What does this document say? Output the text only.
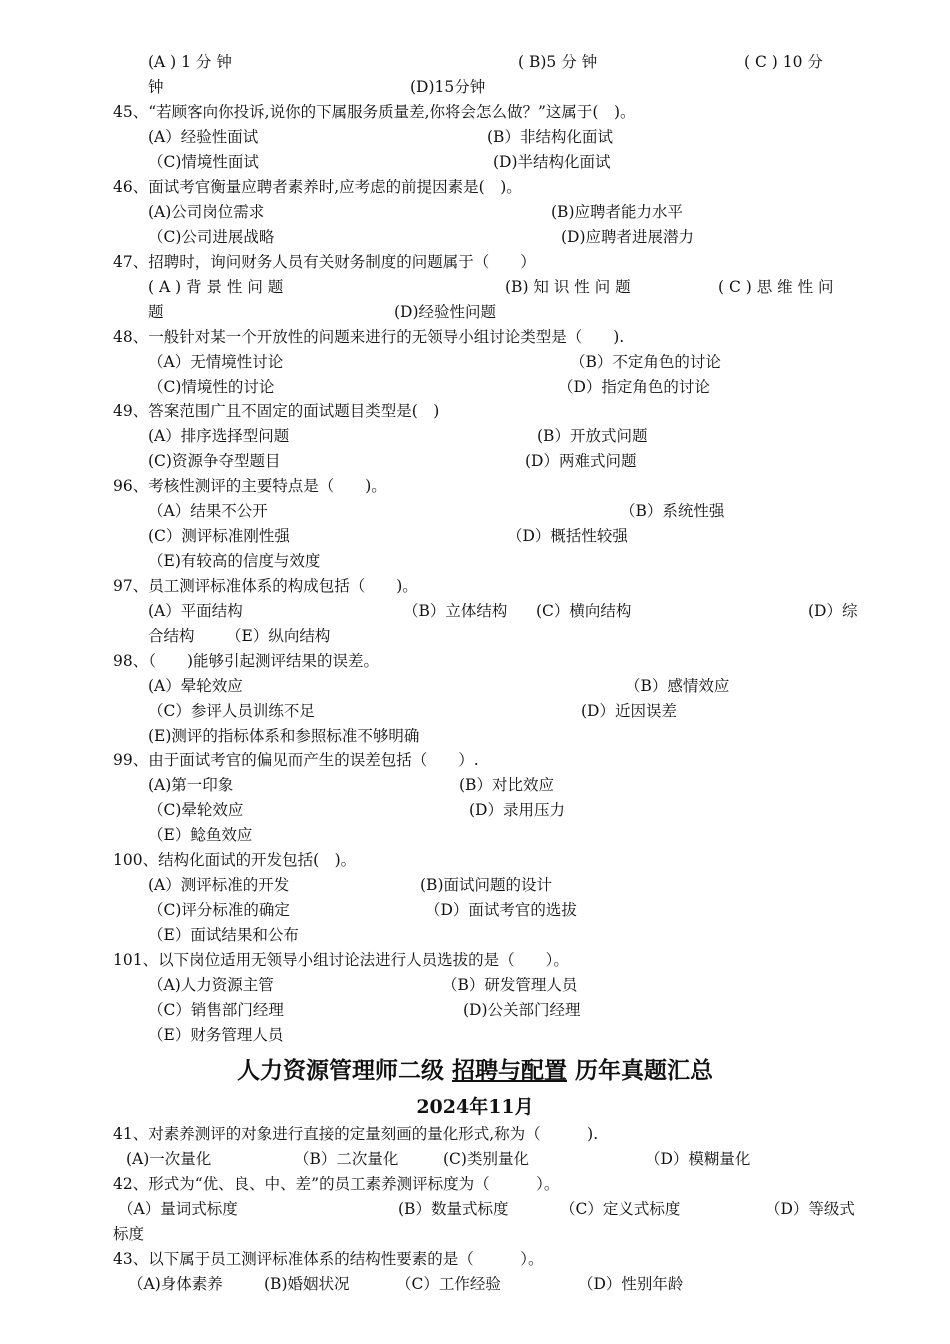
(A ) 1 分 钟	( B)5 分 钟	( C ) 10 分
钟	(D)15分钟
45、“若顾客向你投诉,说你的下属服务质量差,你将会怎么做？”这属于(　)。
(A）经验性面试	(B）非结构化面试
（C)情境性面试	(D)半结构化面试
46、面试考官衡量应聘者素养时,应考虑的前提因素是(　)。
(A)公司岗位需求	(B)应聘者能力水平
（C)公司进展战略	(D)应聘者进展潜力
47、招聘时，询问财务人员有关财务制度的问题属于（　　）
( A ) 背 景 性 问 题	(B) 知 识 性 问 题	( C ) 思 维 性 问
题	(D)经验性问题
48、一般针对某一个开放性的问题来进行的无领导小组讨论类型是（　　).
（A）无情境性讨论	（B）不定角色的讨论
（C)情境性的讨论	（D）指定角色的讨论
49、答案范围广且不固定的面试题目类型是(　)
(A）排序选择型问题	(B）开放式问题
(C)资源争夺型题目	(D）两难式问题
96、考核性测评的主要特点是（　　)。
（A）结果不公开	（B）系统性强
(C）测评标准刚性强	（D）概括性较强
（E)有较高的信度与效度
97、员工测评标准体系的构成包括（　　)。
(A）平面结构	（B）立体结构 (C）横向结构	(D）综
合结构 （E）纵向结构
98、（　　)能够引起测评结果的误差。
(A）晕轮效应	（B）感情效应
（C）参评人员训练不足	(D）近因误差
(E)测评的指标体系和参照标准不够明确
99、由于面试考官的偏见而产生的误差包括（　　）.
(A)第一印象	(B）对比效应
（C)晕轮效应	(D）录用压力
（E）鲶鱼效应
100、结构化面试的开发包括(　)。
(A）测评标准的开发	(B)面试问题的设计
（C)评分标准的确定	（D）面试考官的选拔
（E）面试结果和公布
101、以下岗位适用无领导小组讨论法进行人员选拔的是（　　）。
（A)人力资源主管	（B）研发管理人员
（C）销售部门经理	(D)公关部门经理
（E）财务管理人员
人力资源管理师二级 招聘与配置 历年真题汇总
2024年11月
41、对素养测评的对象进行直接的定量刻画的量化形式,称为（　　　).
(A)一次量化	（B）二次量化	(C)类别量化	（D）模糊量化
42、形式为“优、良、中、差”的员工素养测评标度为（　　　）。
（A）量词式标度	(B）数量式标度	（C）定义式标度	（D）等级式
标度
43、以下属于员工测评标准体系的结构性要素的是（　　　）。
（A)身体素养	(B)婚姻状况	（C）工作经验	（D）性别年龄
